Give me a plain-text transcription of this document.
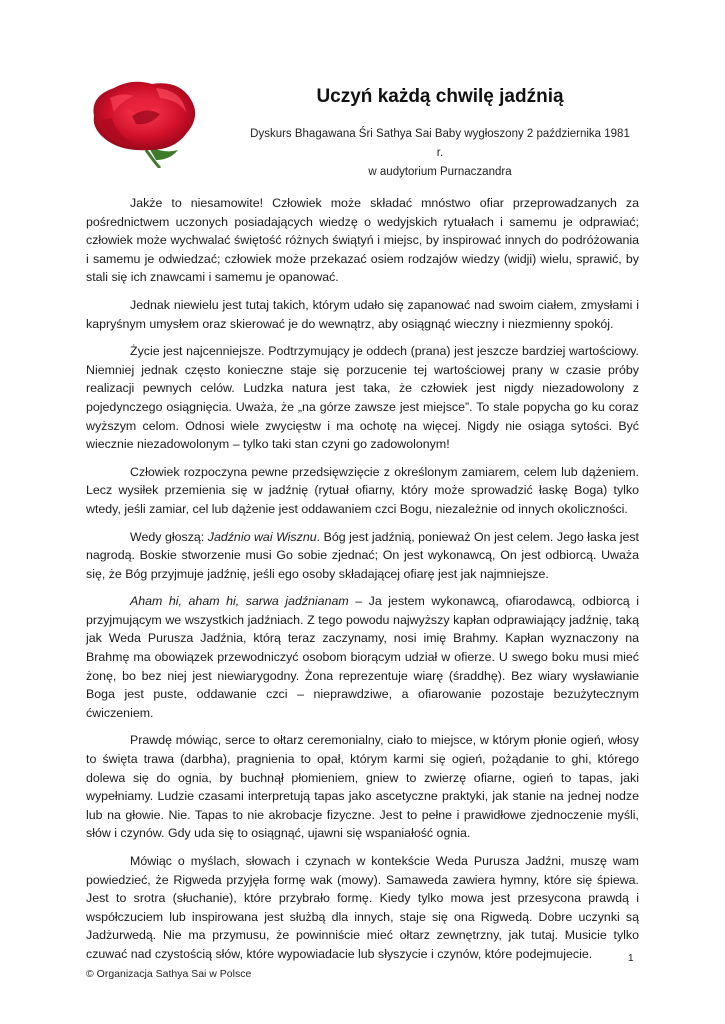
Uczyń każdą chwilę jadźnią
Dyskurs Bhagawana Śri Sathya Sai Baby wygłoszony 2 października 1981 r.
w audytorium Purnaczandra

Jakże to niesamowite! Człowiek może składać mnóstwo ofiar przeprowadzanych za pośrednictwem uczonych posiadających wiedzę o wedyjskich rytuałach i samemu je odprawiać; człowiek może wychwalać świętość różnych świątyń i miejsc, by inspirować innych do podróżowania i samemu je odwiedzać; człowiek może przekazać osiem rodzajów wiedzy (widji) wielu, sprawić, by stali się ich znawcami i samemu je opanować.

Jednak niewielu jest tutaj takich, którym udało się zapanować nad swoim ciałem, zmysłami i kapryśnym umysłem oraz skierować je do wewnątrz, aby osiągnąć wieczny i niezmienny spokój.

Życie jest najcenniejsze. Podtrzymujący je oddech (prana) jest jeszcze bardziej wartościowy. Niemniej jednak często konieczne staje się porzucenie tej wartościowej prany w czasie próby realizacji pewnych celów. Ludzka natura jest taka, że człowiek jest nigdy niezadowolony z pojedynczego osiągnięcia. Uważa, że „na górze zawsze jest miejsce”. To stale popycha go ku coraz wyższym celom. Odnosi wiele zwycięstw i ma ochotę na więcej. Nigdy nie osiąga sytości. Być wiecznie niezadowolonym – tylko taki stan czyni go zadowolonym!

Człowiek rozpoczyna pewne przedsięwzięcie z określonym zamiarem, celem lub dążeniem. Lecz wysiłek przemienia się w jadźnię (rytuał ofiarny, który może sprowadzić łaskę Boga) tylko wtedy, jeśli zamiar, cel lub dążenie jest oddawaniem czci Bogu, niezależnie od innych okoliczności.

Wedy głoszą: Jadźnio wai Wisznu. Bóg jest jadźnią, ponieważ On jest celem. Jego łaska jest nagrodą. Boskie stworzenie musi Go sobie zjednać; On jest wykonawcą, On jest odbiorcą. Uważa się, że Bóg przyjmuje jadźnię, jeśli ego osoby składającej ofiarę jest jak najmniejsze.

Aham hi, aham hi, sarwa jadźnianam – Ja jestem wykonawcą, ofiarodawcą, odbiorcą i przyjmującym we wszystkich jadźniach. Z tego powodu najwyższy kapłan odprawiający jadźnię, taką jak Weda Purusza Jadźnia, którą teraz zaczynamy, nosi imię Brahmy. Kapłan wyznaczony na Brahmę ma obowiązek przewodniczyć osobom biorącym udział w ofierze. U swego boku musi mieć żonę, bo bez niej jest niewiarygodny. Żona reprezentuje wiarę (śraddhę). Bez wiary wysławianie Boga jest puste, oddawanie czci – nieprawdziwe, a ofiarowanie pozostaje bezużytecznym ćwiczeniem.

Prawdę mówiąc, serce to ołtarz ceremonialny, ciało to miejsce, w którym płonie ogień, włosy to święta trawa (darbha), pragnienia to opał, którym karmi się ogień, pożądanie to ghi, którego dolewa się do ognia, by buchnął płomieniem, gniew to zwierzę ofiarne, ogień to tapas, jaki wypełniamy. Ludzie czasami interpretują tapas jako ascetyczne praktyki, jak stanie na jednej nodze lub na głowie. Nie. Tapas to nie akrobacje fizyczne. Jest to pełne i prawidłowe zjednoczenie myśli, słów i czynów. Gdy uda się to osiągnąć, ujawni się wspaniałość ognia.

Mówiąc o myślach, słowach i czynach w kontekście Weda Purusza Jadźni, muszę wam powiedzieć, że Rigweda przyjęła formę wak (mowy). Samaweda zawiera hymny, które się śpiewa. Jest to srotra (słuchanie), które przybrało formę. Kiedy tylko mowa jest przesycona prawdą i współczuciem lub inspirowana jest służbą dla innych, staje się ona Rigwedą. Dobre uczynki są Jadżurwedą. Nie ma przymusu, że powinniście mieć ołtarz zewnętrzny, jak tutaj. Musicie tylko czuwać nad czystością słów, które wypowiadacie lub słyszycie i czynów, które podejmujecie.	1
© Organizacja Sathya Sai w Polsce
